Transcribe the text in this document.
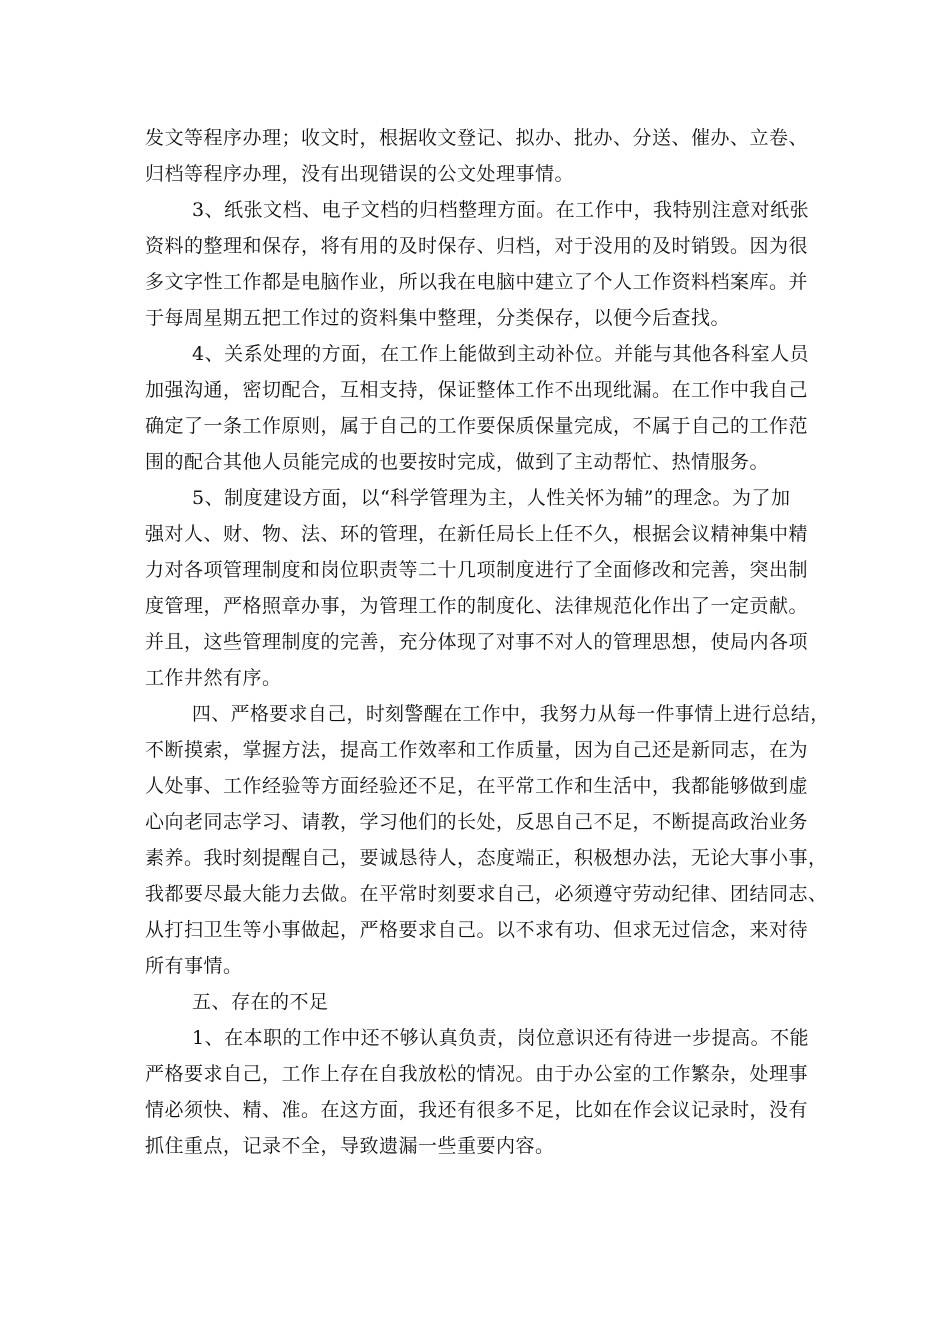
发文等程序办理；收文时，根据收文登记、拟办、批办、分送、催办、立卷、
归档等程序办理，没有出现错误的公文处理事情。
3、纸张文档、电子文档的归档整理方面。在工作中，我特别注意对纸张
资料的整理和保存，将有用的及时保存、归档，对于没用的及时销毁。因为很
多文字性工作都是电脑作业，所以我在电脑中建立了个人工作资料档案库。并
于每周星期五把工作过的资料集中整理，分类保存，以便今后查找。
4、关系处理的方面，在工作上能做到主动补位。并能与其他各科室人员
加强沟通，密切配合，互相支持，保证整体工作不出现纰漏。在工作中我自己
确定了一条工作原则，属于自己的工作要保质保量完成，不属于自己的工作范
围的配合其他人员能完成的也要按时完成，做到了主动帮忙、热情服务。
5、制度建设方面，以“科学管理为主，人性关怀为辅”的理念。为了加
强对人、财、物、法、环的管理，在新任局长上任不久，根据会议精神集中精
力对各项管理制度和岗位职责等二十几项制度进行了全面修改和完善，突出制
度管理，严格照章办事，为管理工作的制度化、法律规范化作出了一定贡献。
并且，这些管理制度的完善，充分体现了对事不对人的管理思想，使局内各项
工作井然有序。
四、严格要求自己，时刻警醒在工作中，我努力从每一件事情上进行总结，
不断摸索，掌握方法，提高工作效率和工作质量，因为自己还是新同志，在为
人处事、工作经验等方面经验还不足，在平常工作和生活中，我都能够做到虚
心向老同志学习、请教，学习他们的长处，反思自己不足，不断提高政治业务
素养。我时刻提醒自己，要诚恳待人，态度端正，积极想办法，无论大事小事，
我都要尽最大能力去做。在平常时刻要求自己，必须遵守劳动纪律、团结同志、
从打扫卫生等小事做起，严格要求自己。以不求有功、但求无过信念，来对待
所有事情。
五、存在的不足
1、在本职的工作中还不够认真负责，岗位意识还有待进一步提高。不能
严格要求自己，工作上存在自我放松的情况。由于办公室的工作繁杂，处理事
情必须快、精、准。在这方面，我还有很多不足，比如在作会议记录时，没有
抓住重点，记录不全，导致遗漏一些重要内容。
